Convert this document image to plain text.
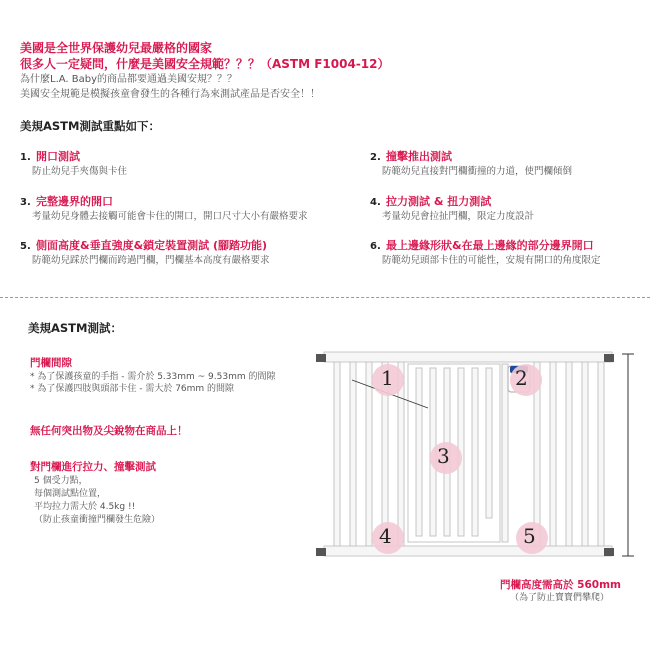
美國是全世界保護幼兒最嚴格的國家
很多人一定疑問，什麼是美國安全規範？？？（ASTM F1004-12）
為什麼L.A. Baby的商品都要通過美國安規？？？
美國安全規範是模擬孩童會發生的各種行為來測試產品是否安全！！
美規ASTM測試重點如下：
1. 開口測試
防止幼兒手夾傷與卡住
2. 撞擊推出測試
防範幼兒直接對門欄衝撞的力道，使門欄傾倒
3. 完整邊界的開口
考量幼兒身體去接觸可能會卡住的開口，開口尺寸大小有嚴格要求
4. 拉力測試 & 扭力測試
考量幼兒會拉扯門欄，限定力度設計
5. 側面高度&垂直強度&鎖定裝置測試 (腳踏功能)
防範幼兒踩於門欄而跨過門欄，門欄基本高度有嚴格要求
6. 最上邊緣形狀&在最上邊緣的部分邊界開口
防範幼兒頭部卡住的可能性，安規有開口的角度限定
美規ASTM測試：
門欄間隙
* 為了保護孩童的手指 - 需介於 5.33mm ~ 9.53mm 的間隙
* 為了保護四肢與頭部卡住 - 需大於 76mm 的間隙
無任何突出物及尖銳物在商品上！
對門欄進行拉力、撞擊測試
5 個受力點，
每個測試點位置，
平均拉力需大於 4.5kg !!
（防止孩童衝撞門欄發生危險）
1	2
3
4	5
門欄高度需高於 560mm
（為了防止寶寶們攀爬）
